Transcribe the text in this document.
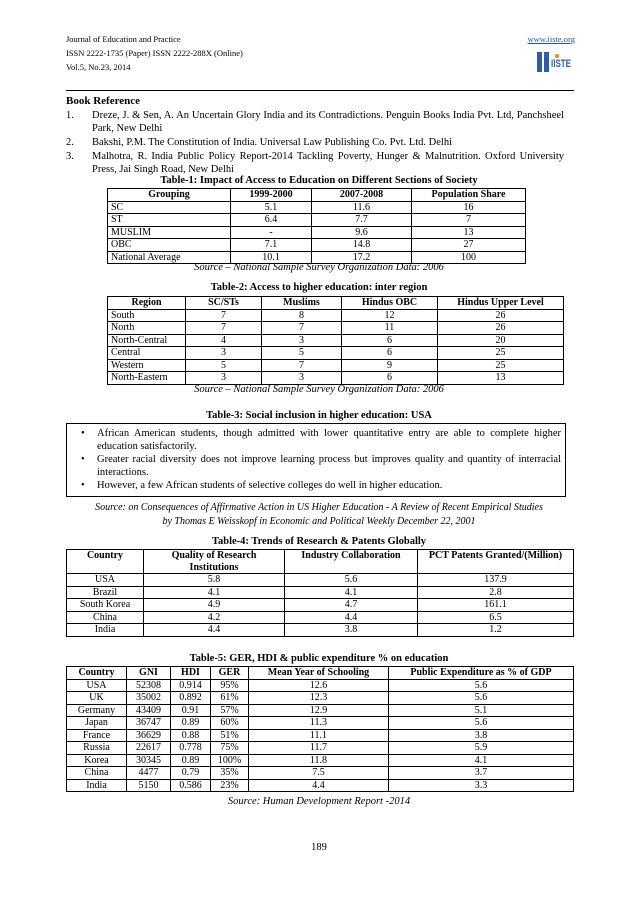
Journal of Education and Practice
ISSN 2222-1735 (Paper) ISSN 2222-288X (Online)
Vol.5, No.23, 2014
www.iiste.org
IISTE
Book Reference
1. Dreze, J. & Sen, A. An Uncertain Glory India and its Contradictions. Penguin Books India Pvt. Ltd, Panchsheel Park, New Delhi
2. Bakshi, P.M. The Constitution of India. Universal Law Publishing Co. Pvt. Ltd. Delhi
3. Malhotra, R. India Public Policy Report-2014 Tackling Poverty, Hunger & Malnutrition. Oxford University Press, Jai Singh Road, New Delhi
Table-1: Impact of Access to Education on Different Sections of Society
Grouping	1999-2000	2007-2008	Population Share
SC	5.1	11.6	16
ST	6.4	7.7	7
MUSLIM	-	9.6	13
OBC	7.1	14.8	27
National Average	10.1	17.2	100
Source – National Sample Survey Organization Data: 2006
Table-2: Access to higher education: inter region
Region	SC/STs	Muslims	Hindus OBC	Hindus Upper Level
South	7	8	12	26
North	7	7	11	26
North-Central	4	3	6	20
Central	3	5	6	25
Western	5	7	9	25
North-Eastern	3	3	6	13
Source – National Sample Survey Organization Data: 2006
Table-3: Social inclusion in higher education: USA
• African American students, though admitted with lower quantitative entry are able to complete higher education satisfactorily.
• Greater racial diversity does not improve learning process but improves quality and quantity of interracial interactions.
• However, a few African students of selective colleges do well in higher education.
Source: on Consequences of Affirmative Action in US Higher Education - A Review of Recent Empirical Studies
by Thomas E Weisskopf in Economic and Political Weekly December 22, 2001
Table-4: Trends of Research & Patents Globally
Country	Quality of Research Institutions	Industry Collaboration	PCT Patents Granted/(Million)
USA	5.8	5.6	137.9
Brazil	4.1	4.1	2.8
South Korea	4.9	4.7	161.1
China	4.2	4.4	6.5
India	4.4	3.8	1.2
Table-5: GER, HDI & public expenditure % on education
Country	GNI	HDI	GER	Mean Year of Schooling	Public Expenditure as % of GDP
USA	52308	0.914	95%	12.6	5.6
UK	35002	0.892	61%	12.3	5.6
Germany	43409	0.91	57%	12.9	5.1
Japan	36747	0.89	60%	11.3	5.6
France	36629	0.88	51%	11.1	3.8
Russia	22617	0.778	75%	11.7	5.9
Korea	30345	0.89	100%	11.8	4.1
China	4477	0.79	35%	7.5	3.7
India	5150	0.586	23%	4.4	3.3
Source: Human Development Report -2014
189
